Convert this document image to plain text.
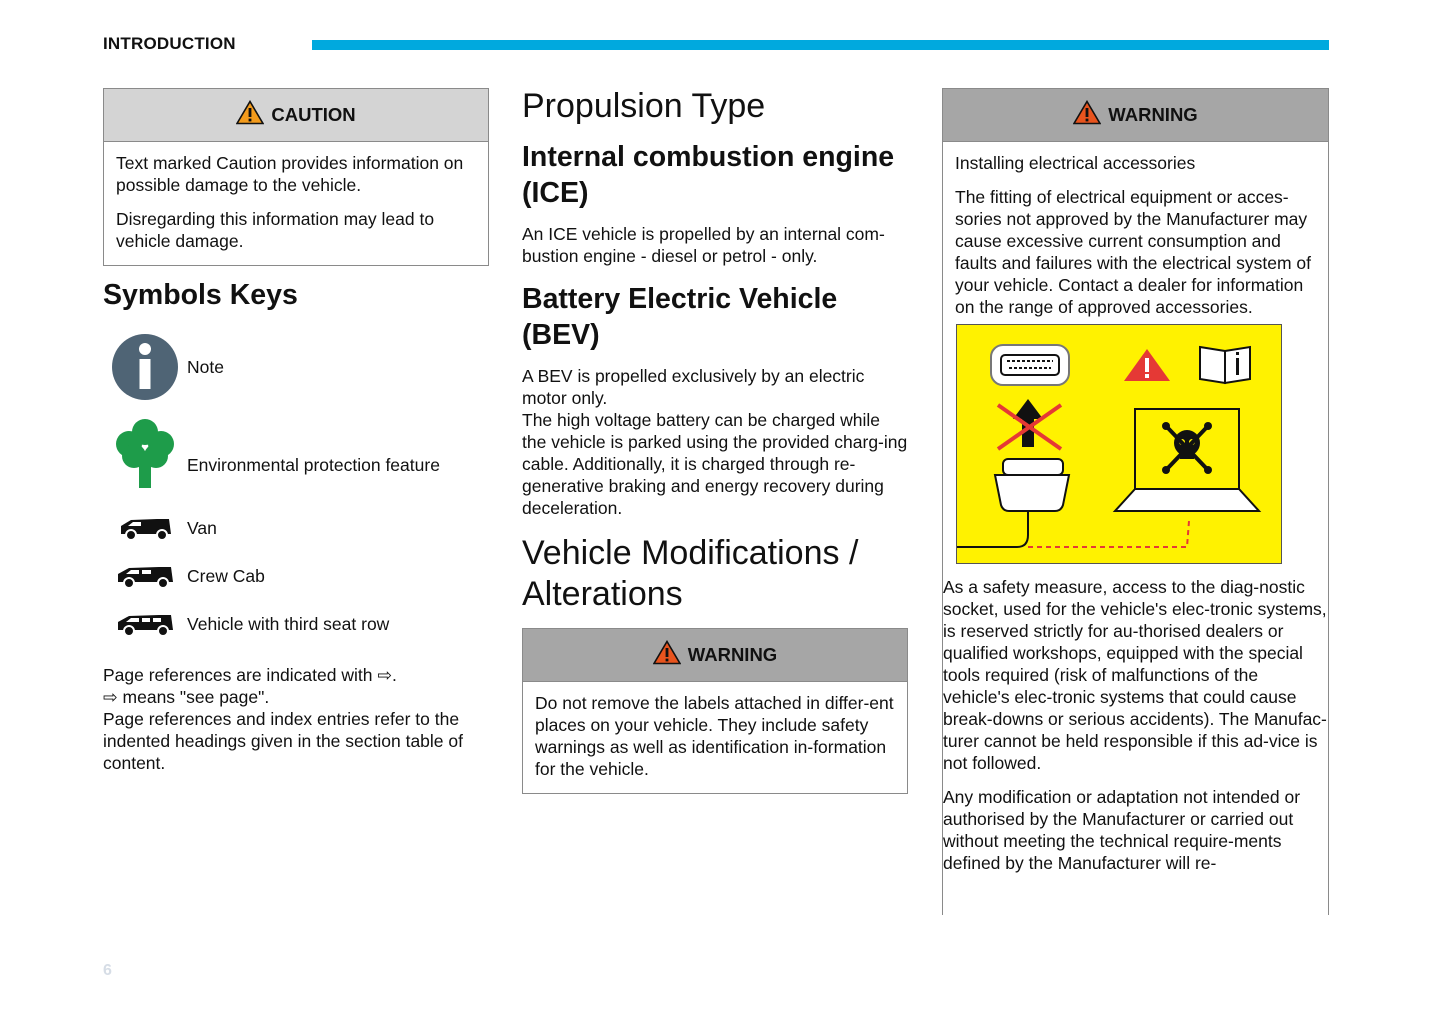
INTRODUCTION
CAUTION

Text marked Caution provides information on possible damage to the vehicle.

Disregarding this information may lead to vehicle damage.

Symbols Keys
Note
Environmental protection feature
Van
Crew Cab
Vehicle with third seat row

Page references are indicated with ⇨.

⇨ means "see page".

Page references and index entries refer to the indented headings given in the section table of content.

Propulsion Type
Internal combustion engine (ICE)

An ICE vehicle is propelled by an internal com-bustion engine - diesel or petrol - only.

Battery Electric Vehicle (BEV)

A BEV is propelled exclusively by an electric motor only.

The high voltage battery can be charged while the vehicle is parked using the provided charg-ing cable. Additionally, it is charged through re-generative braking and energy recovery during deceleration.

Vehicle Modifications / Alterations
WARNING

Do not remove the labels attached in differ-ent places on your vehicle. They include safety warnings as well as identification in-formation for the vehicle.

WARNING

Installing electrical accessories

The fitting of electrical equipment or acces-sories not approved by the Manufacturer may cause excessive current consumption and faults and failures with the electrical system of your vehicle. Contact a dealer for information on the range of approved accessories.

As a safety measure, access to the diag-nostic socket, used for the vehicle's elec-tronic systems, is reserved strictly for au-thorised dealers or qualified workshops, equipped with the special tools required (risk of malfunctions of the vehicle's elec-tronic systems that could cause break-downs or serious accidents). The Manufac-turer cannot be held responsible if this ad-vice is not followed.

Any modification or adaptation not intended or authorised by the Manufacturer or carried out without meeting the technical require-ments defined by the Manufacturer will re-

6
